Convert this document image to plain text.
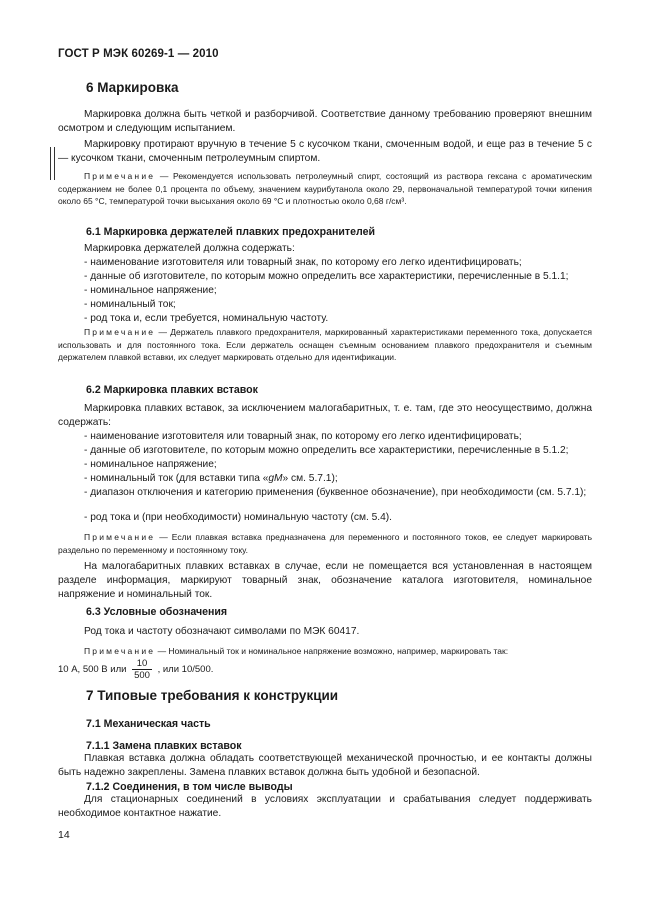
ГОСТ Р МЭК 60269-1 — 2010
6 Маркировка
Маркировка должна быть четкой и разборчивой. Соответствие данному требованию проверяют внешним осмотром и следующим испытанием.
Маркировку протирают вручную в течение 5 с кусочком ткани, смоченным водой, и еще раз в течение 5 с — кусочком ткани, смоченным петролеумным спиртом.
Примечание — Рекомендуется использовать петролеумный спирт, состоящий из раствора гексана с ароматическим содержанием не более 0,1 процента по объему, значением каурибутанола около 29, первоначальной температурой точки кипения около 65 °С, температурой точки высыхания около 69 °С и плотностью около 0,68 г/см³.
6.1 Маркировка держателей плавких предохранителей
Маркировка держателей должна содержать:
- наименование изготовителя или товарный знак, по которому его легко идентифицировать;
- данные об изготовителе, по которым можно определить все характеристики, перечисленные в 5.1.1;
- номинальное напряжение;
- номинальный ток;
- род тока и, если требуется, номинальную частоту.
Примечание — Держатель плавкого предохранителя, маркированный характеристиками переменного тока, допускается использовать и для постоянного тока. Если держатель оснащен съемным основанием плавкого предохранителя и съемным держателем плавкой вставки, их следует маркировать отдельно для идентификации.
6.2 Маркировка плавких вставок
Маркировка плавких вставок, за исключением малогабаритных, т. е. там, где это неосуществимо, должна содержать:
- наименование изготовителя или товарный знак, по которому его легко идентифицировать;
- данные об изготовителе, по которым можно определить все характеристики, перечисленные в 5.1.2;
- номинальное напряжение;
- номинальный ток (для вставки типа «gM» см. 5.7.1);
- диапазон отключения и категорию применения (буквенное обозначение), при необходимости (см. 5.7.1);
- род тока и (при необходимости) номинальную частоту (см. 5.4).
Примечание — Если плавкая вставка предназначена для переменного и постоянного токов, ее следует маркировать раздельно по переменному и постоянному току.
На малогабаритных плавких вставках в случае, если не помещается вся установленная в настоящем разделе информация, маркируют товарный знак, обозначение каталога изготовителя, номинальное напряжение и номинальный ток.
6.3 Условные обозначения
Род тока и частоту обозначают символами по МЭК 60417.
Примечание — Номинальный ток и номинальное напряжение возможно, например, маркировать так:
10 А, 500 В или $\frac{10}{500}$ , или 10/500.
7 Типовые требования к конструкции
7.1 Механическая часть
7.1.1 Замена плавких вставок
Плавкая вставка должна обладать соответствующей механической прочностью, и ее контакты должны быть надежно закреплены. Замена плавких вставок должна быть удобной и безопасной.
7.1.2 Соединения, в том числе выводы
Для стационарных соединений в условиях эксплуатации и срабатывания следует поддерживать необходимое контактное нажатие.
14
